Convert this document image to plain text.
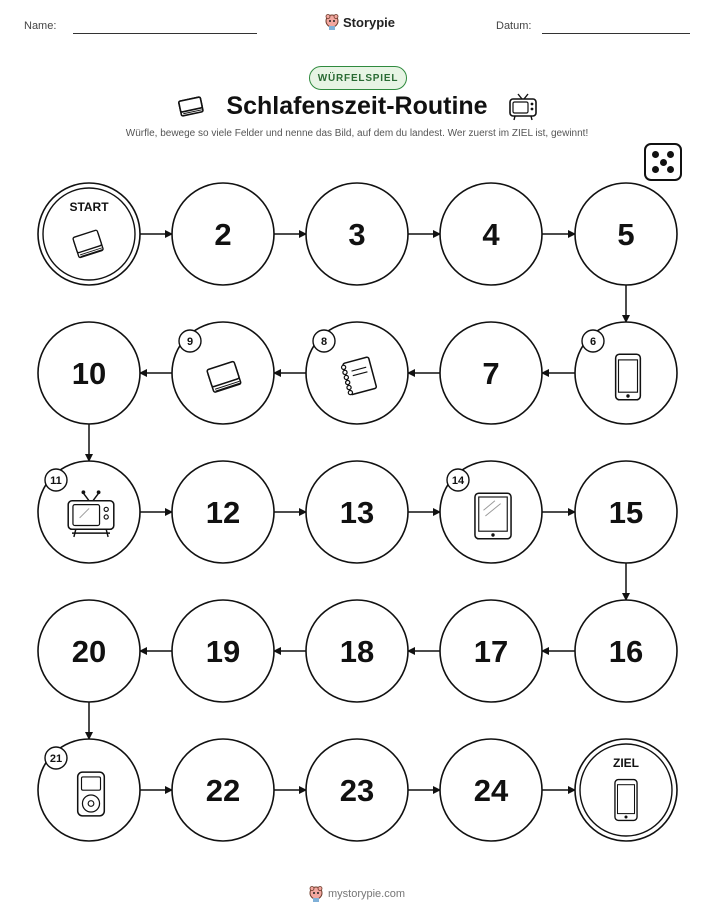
Name:	Storypie	Datum:
WÜRFELSPIEL
Schlafenszeit-Routine
Würfle, bewege so viele Felder und nenne das Bild, auf dem du landest. Wer zuerst im ZIEL ist, gewinnt!
START
2	3	4	5
6
7
8
9
10
11
12	13
14
15
16
17
18
19
20
21
22	23	24
ZIEL
mystorypie.com
